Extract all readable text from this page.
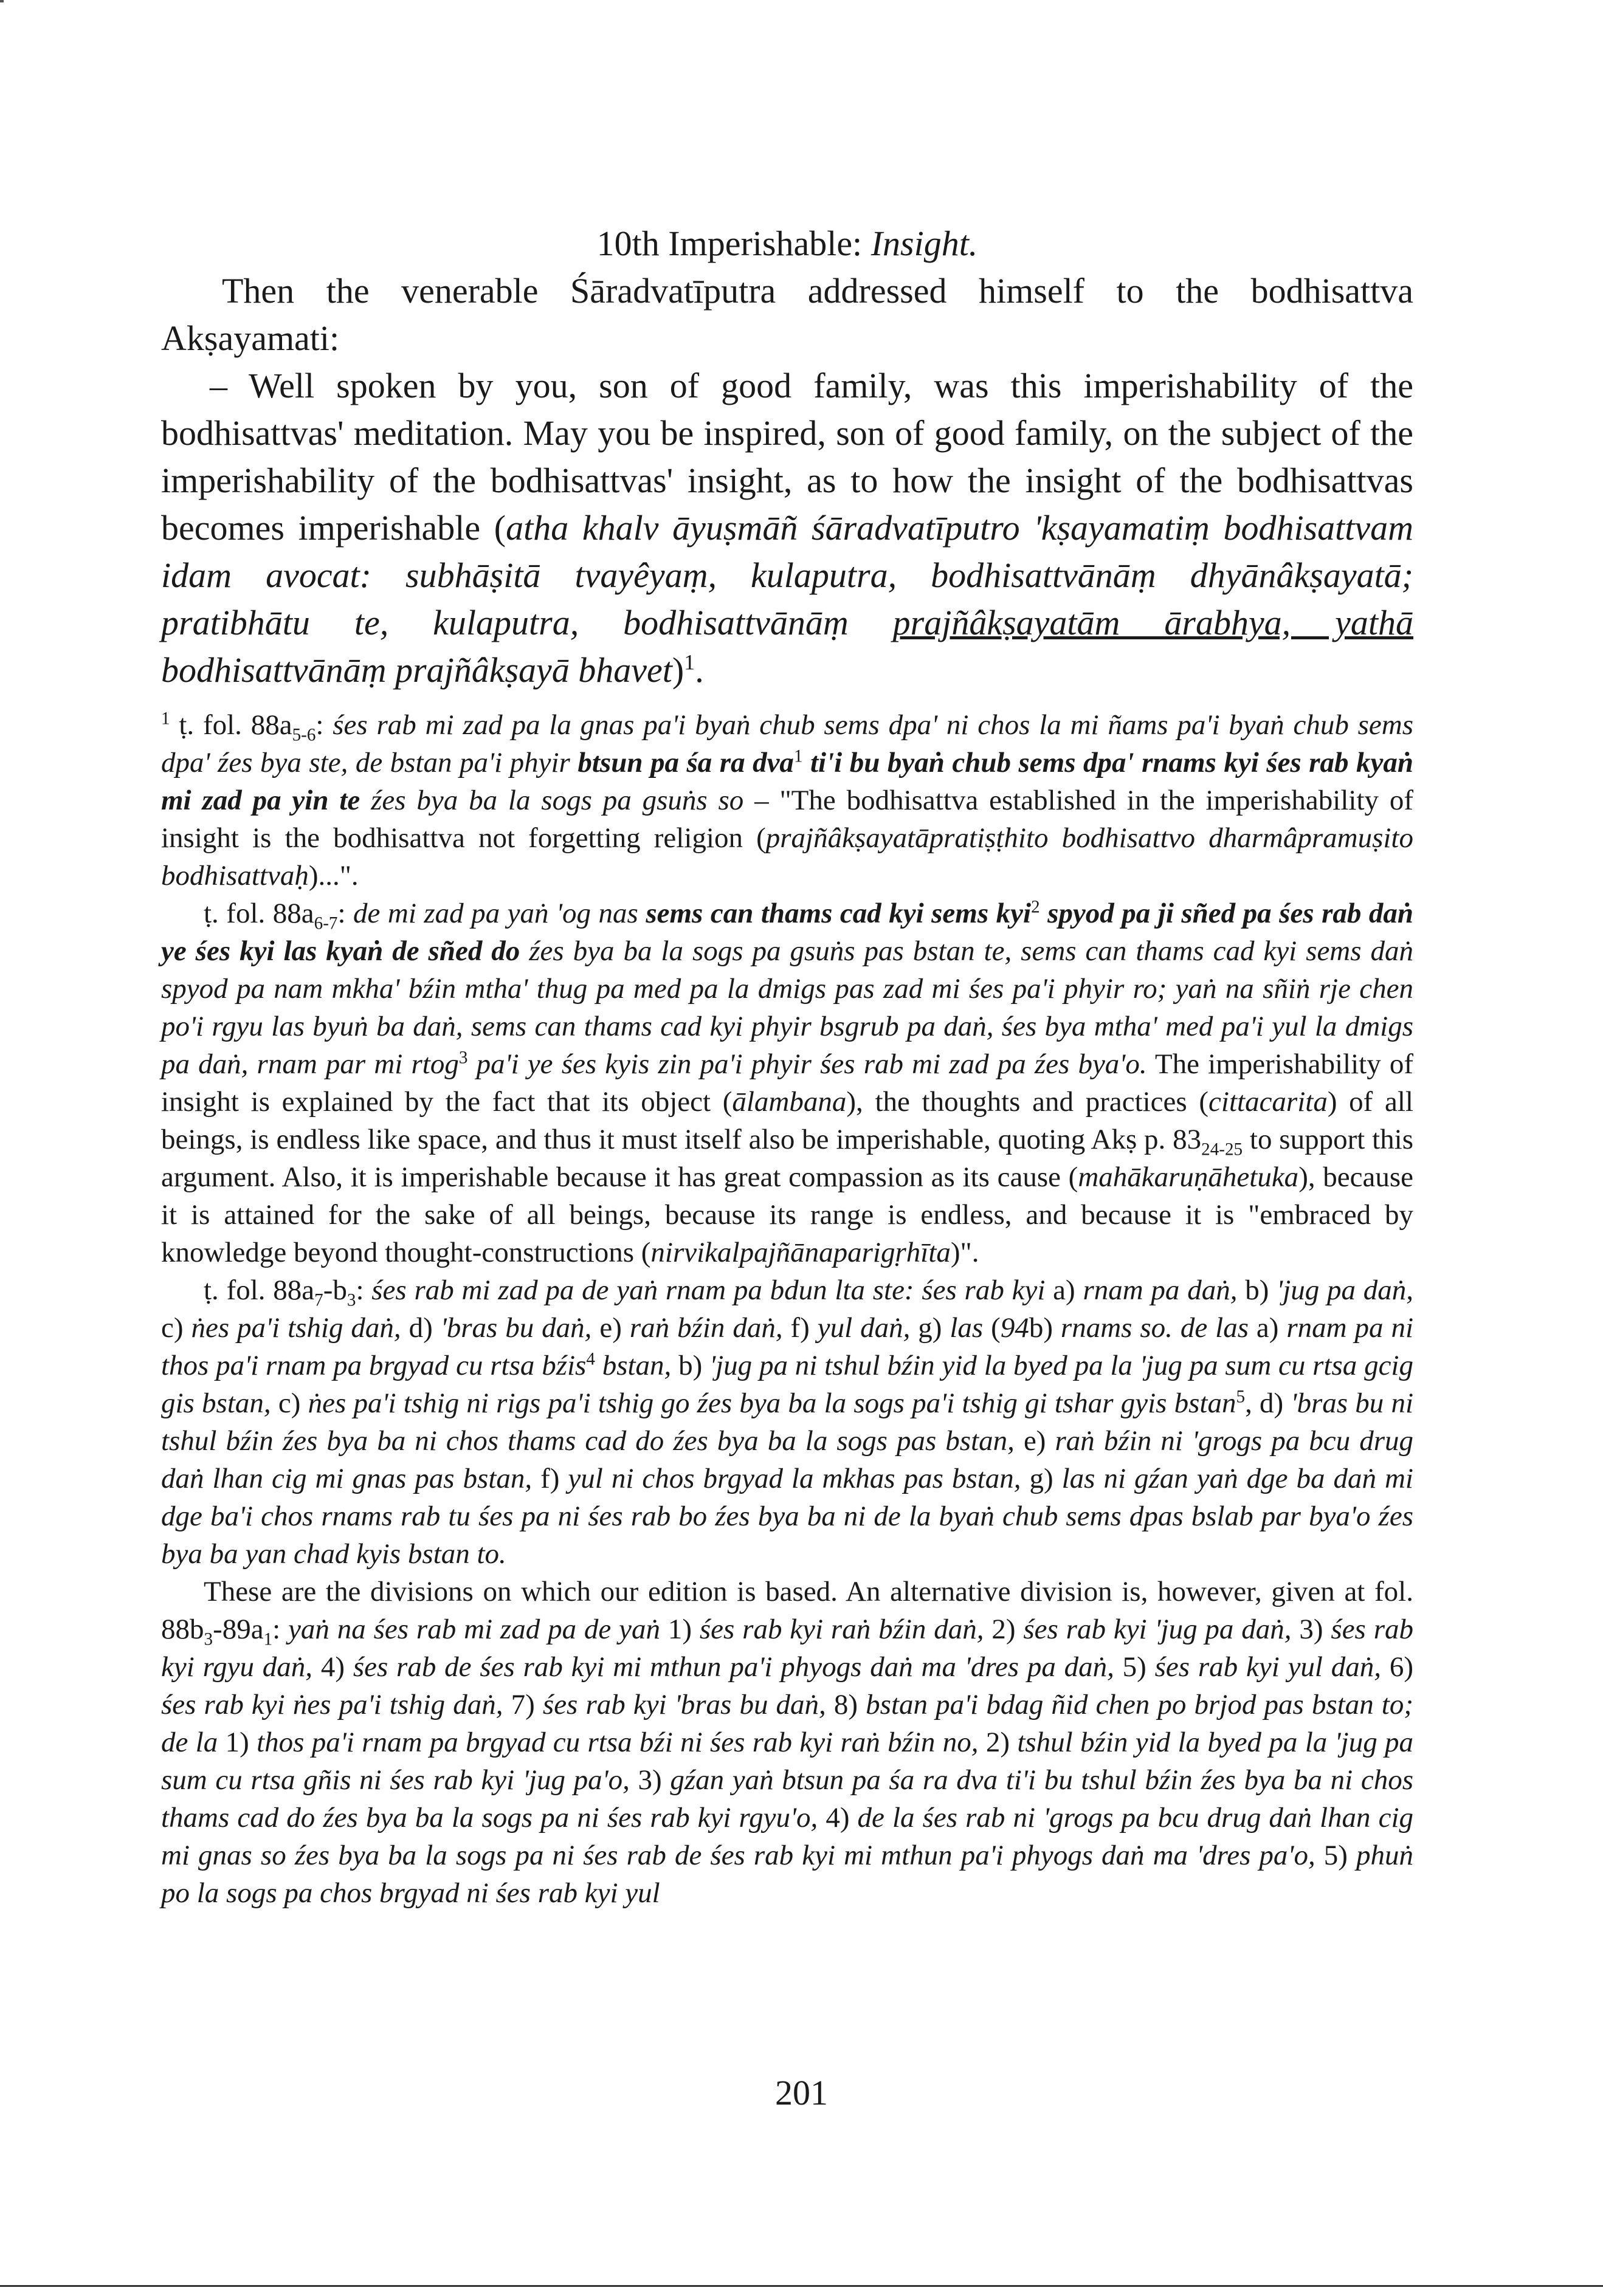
10th Imperishable: Insight.

Then the venerable Śāradvatīputra addressed himself to the bodhisattva Akṣayamati:

– Well spoken by you, son of good family, was this imperishability of the bodhisattvas' meditation. May you be inspired, son of good family, on the subject of the imperishability of the bodhisattvas' insight, as to how the insight of the bodhisattvas becomes imperishable (atha khalv āyuṣmāñ śāradvatīputro 'kṣayamatiṃ bodhisattvam idam avocat: subhāṣitā tvayêyaṃ, kulaputra, bodhisattvānāṃ dhyānâkṣayatā; pratibhātu te, kulaputra, bodhisattvānāṃ prajñâkṣayatām ārabhya, yathā bodhisattvānāṃ prajñâkṣayā bhavet)$^1$.

$^1$ ṭ. fol. $88a_{5-6}$: śes rab mi zad pa la gnas pa'i byaṅ chub sems dpa' ni chos la mi ñams pa'i byaṅ chub sems dpa' źes bya ste, de bstan pa'i phyir btsun pa śa ra dva$^1$ ti'i bu byaṅ chub sems dpa' rnams kyi śes rab kyaṅ mi zad pa yin te źes bya ba la sogs pa gsuṅs so – "The bodhisattva established in the imperishability of insight is the bodhisattva not forgetting religion (prajñâkṣayatāpratiṣṭhito bodhisattvo dharmâpramuṣito bodhisattvaḥ)...".

ṭ. fol. $88a_{6-7}$: de mi zad pa yaṅ 'og nas sems can thams cad kyi sems kyi$^2$ spyod pa ji sñed pa śes rab daṅ ye śes kyi las kyaṅ de sñed do źes bya ba la sogs pa gsuṅs pas bstan te, sems can thams cad kyi sems daṅ spyod pa nam mkha' bźin mtha' thug pa med pa la dmigs pas zad mi śes pa'i phyir ro; yaṅ na sñiṅ rje chen po'i rgyu las byuṅ ba daṅ, sems can thams cad kyi phyir bsgrub pa daṅ, śes bya mtha' med pa'i yul la dmigs pa daṅ, rnam par mi rtog$^3$ pa'i ye śes kyis zin pa'i phyir śes rab mi zad pa źes bya'o. The imperishability of insight is explained by the fact that its object (ālambana), the thoughts and practices (cittacarita) of all beings, is endless like space, and thus it must itself also be imperishable, quoting Akṣ p. $83_{24-25}$ to support this argument. Also, it is imperishable because it has great compassion as its cause (mahākaruṇāhetuka), because it is attained for the sake of all beings, because its range is endless, and because it is "embraced by knowledge beyond thought-constructions (nirvikalpajñānaparigṛhīta)".

ṭ. fol. $88a_7-b_3$: śes rab mi zad pa de yaṅ rnam pa bdun lta ste: śes rab kyi a) rnam pa daṅ, b) 'jug pa daṅ, c) ṅes pa'i tshig daṅ, d) 'bras bu daṅ, e) raṅ bźin daṅ, f) yul daṅ, g) las (94b) rnams so. de las a) rnam pa ni thos pa'i rnam pa brgyad cu rtsa bźis$^4$ bstan, b) 'jug pa ni tshul bźin yid la byed pa la 'jug pa sum cu rtsa gcig gis bstan, c) ṅes pa'i tshig ni rigs pa'i tshig go źes bya ba la sogs pa'i tshig gi tshar gyis bstan$^5$, d) 'bras bu ni tshul bźin źes bya ba ni chos thams cad do źes bya ba la sogs pas bstan, e) raṅ bźin ni 'grogs pa bcu drug daṅ lhan cig mi gnas pas bstan, f) yul ni chos brgyad la mkhas pas bstan, g) las ni gźan yaṅ dge ba daṅ mi dge ba'i chos rnams rab tu śes pa ni śes rab bo źes bya ba ni de la byaṅ chub sems dpas bslab par bya'o źes bya ba yan chad kyis bstan to.

These are the divisions on which our edition is based. An alternative division is, however, given at fol. $88b_3-89a_1$: yaṅ na śes rab mi zad pa de yaṅ 1) śes rab kyi raṅ bźin daṅ, 2) śes rab kyi 'jug pa daṅ, 3) śes rab kyi rgyu daṅ, 4) śes rab de śes rab kyi mi mthun pa'i phyogs daṅ ma 'dres pa daṅ, 5) śes rab kyi yul daṅ, 6) śes rab kyi ṅes pa'i tshig daṅ, 7) śes rab kyi 'bras bu daṅ, 8) bstan pa'i bdag ñid chen po brjod pas bstan to; de la 1) thos pa'i rnam pa brgyad cu rtsa bźi ni śes rab kyi raṅ bźin no, 2) tshul bźin yid la byed pa la 'jug pa sum cu rtsa gñis ni śes rab kyi 'jug pa'o, 3) gźan yaṅ btsun pa śa ra dva ti'i bu tshul bźin źes bya ba ni chos thams cad do źes bya ba la sogs pa ni śes rab kyi rgyu'o, 4) de la śes rab ni 'grogs pa bcu drug daṅ lhan cig mi gnas so źes bya ba la sogs pa ni śes rab de śes rab kyi mi mthun pa'i phyogs daṅ ma 'dres pa'o, 5) phuṅ po la sogs pa chos brgyad ni śes rab kyi yul

201
